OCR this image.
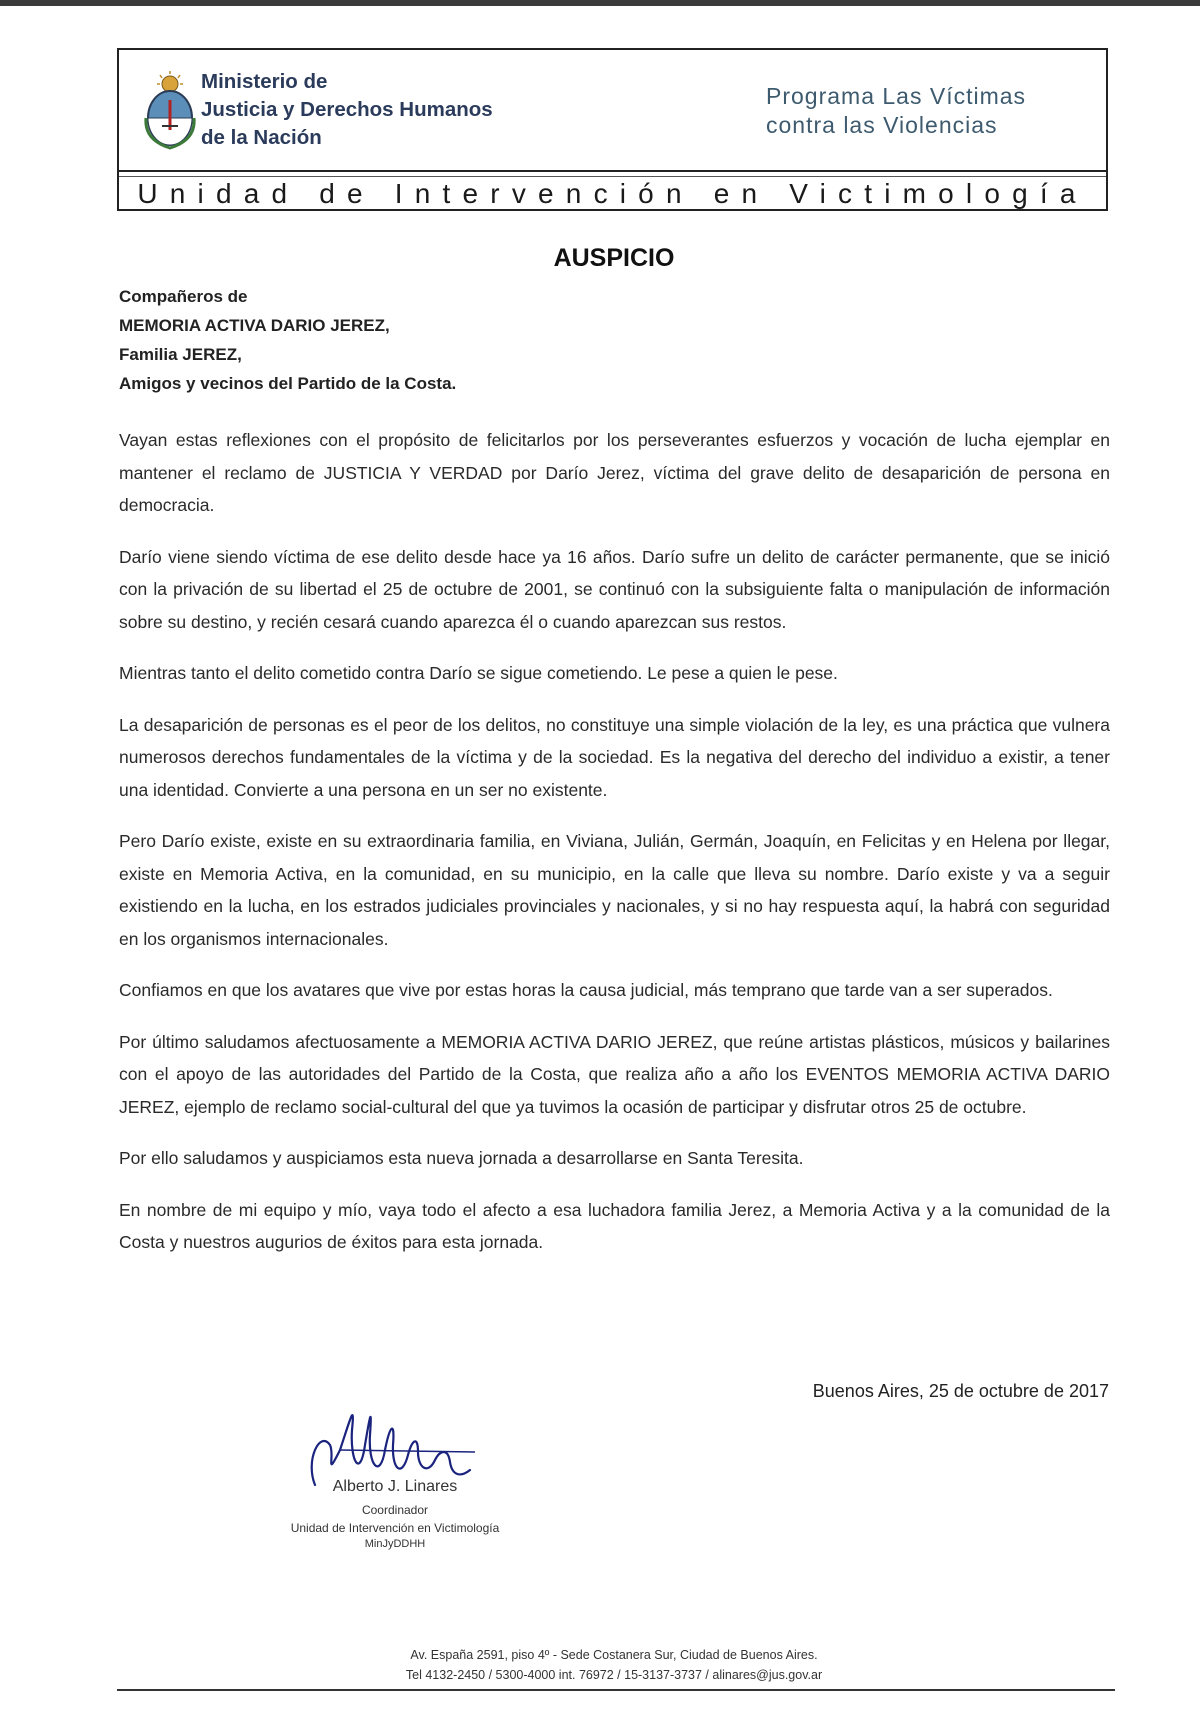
Ministerio de
Justicia y Derechos Humanos
de la Nación
Programa Las Víctimas
contra las Violencias
Unidad de Intervención en Victimología
AUSPICIO
Compañeros de
MEMORIA ACTIVA DARIO JEREZ,
Familia JEREZ,
Amigos y vecinos del Partido de la Costa.

Vayan estas reflexiones con el propósito de felicitarlos por los perseverantes esfuerzos y vocación de lucha ejemplar en mantener el reclamo de JUSTICIA Y VERDAD por Darío Jerez, víctima del grave delito de desaparición de persona en democracia.

Darío viene siendo víctima de ese delito desde hace ya 16 años. Darío sufre un delito de carácter permanente, que se inició con la privación de su libertad el 25 de octubre de 2001, se continuó con la subsiguiente falta o manipulación de información sobre su destino, y recién cesará cuando aparezca él o cuando aparezcan sus restos.

Mientras tanto el delito cometido contra Darío se sigue cometiendo. Le pese a quien le pese.

La desaparición de personas es el peor de los delitos, no constituye una simple violación de la ley, es una práctica que vulnera numerosos derechos fundamentales de la víctima y de la sociedad. Es la negativa del derecho del individuo a existir, a tener una identidad. Convierte a una persona en un ser no existente.

Pero Darío existe, existe en su extraordinaria familia, en Viviana, Julián, Germán, Joaquín, en Felicitas y en Helena por llegar, existe en Memoria Activa, en la comunidad, en su municipio, en la calle que lleva su nombre. Darío existe y va a seguir existiendo en la lucha, en los estrados judiciales provinciales y nacionales, y si no hay respuesta aquí, la habrá con seguridad en los organismos internacionales.

Confiamos en que los avatares que vive por estas horas la causa judicial, más temprano que tarde van a ser superados.

Por último saludamos afectuosamente a MEMORIA ACTIVA DARIO JEREZ, que reúne artistas plásticos, músicos y bailarines con el apoyo de las autoridades del Partido de la Costa, que realiza año a año los EVENTOS MEMORIA ACTIVA DARIO JEREZ, ejemplo de reclamo social-cultural del que ya tuvimos la ocasión de participar y disfrutar otros 25 de octubre.

Por ello saludamos y auspiciamos esta nueva jornada a desarrollarse en Santa Teresita.

En nombre de mi equipo y mío, vaya todo el afecto a esa luchadora familia Jerez, a Memoria Activa y a la comunidad de la Costa y nuestros augurios de éxitos para esta jornada.

Buenos Aires, 25 de octubre de 2017
Alberto J. Linares
Coordinador
Unidad de Intervención en Victimología
MinJyDDHH
Av. España 2591, piso 4º - Sede Costanera Sur, Ciudad de Buenos Aires.
Tel 4132-2450 / 5300-4000 int. 76972 / 15-3137-3737 / alinares@jus.gov.ar
